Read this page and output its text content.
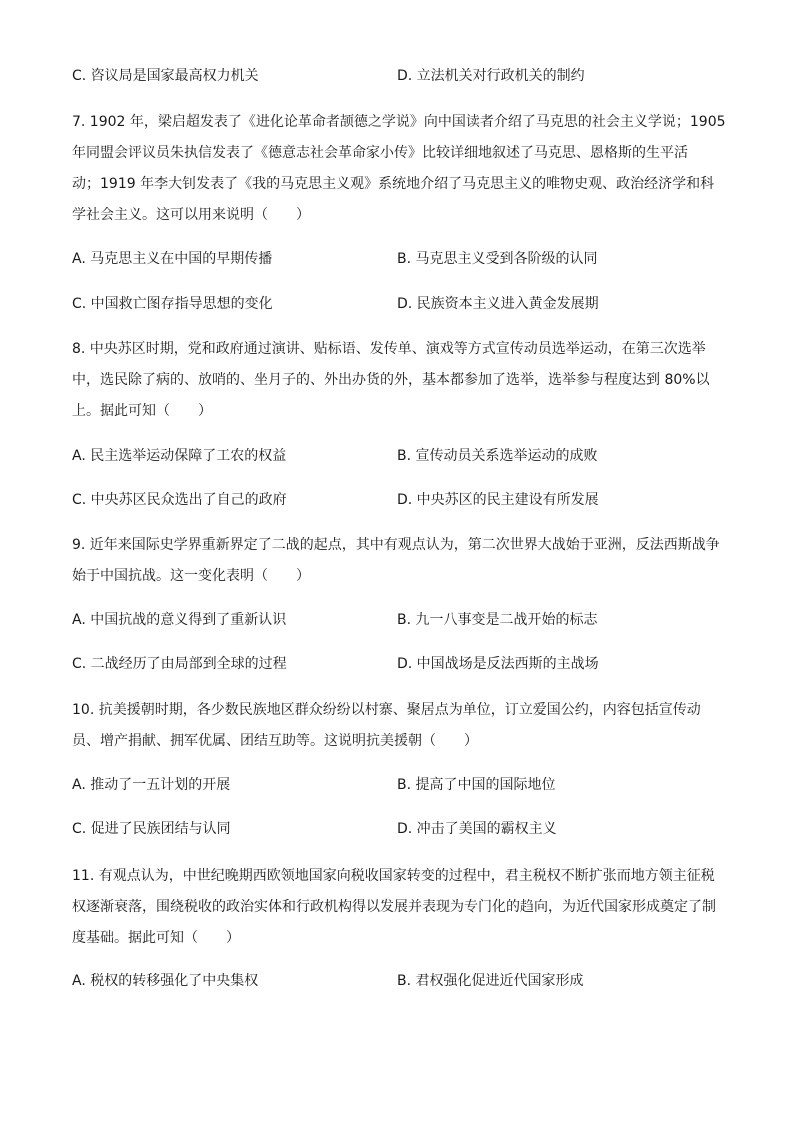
C. 咨议局是国家最高权力机关	D. 立法机关对行政机关的制约
7. 1902 年，梁启超发表了《进化论革命者颉德之学说》向中国读者介绍了马克思的社会主义学说；1905
年同盟会评议员朱执信发表了《德意志社会革命家小传》比较详细地叙述了马克思、恩格斯的生平活
动；1919 年李大钊发表了《我的马克思主义观》系统地介绍了马克思主义的唯物史观、政治经济学和科
学社会主义。这可以用来说明（　　）
A. 马克思主义在中国的早期传播	B. 马克思主义受到各阶级的认同
C. 中国救亡图存指导思想的变化	D. 民族资本主义进入黄金发展期
8. 中央苏区时期，党和政府通过演讲、贴标语、发传单、演戏等方式宣传动员选举运动，在第三次选举
中，选民除了病的、放哨的、坐月子的、外出办货的外，基本都参加了选举，选举参与程度达到 80%以
上。据此可知（　　）
A. 民主选举运动保障了工农的权益	B. 宣传动员关系选举运动的成败
C. 中央苏区民众选出了自己的政府	D. 中央苏区的民主建设有所发展
9. 近年来国际史学界重新界定了二战的起点，其中有观点认为，第二次世界大战始于亚洲，反法西斯战争
始于中国抗战。这一变化表明（　　）
A. 中国抗战的意义得到了重新认识	B. 九一八事变是二战开始的标志
C. 二战经历了由局部到全球的过程	D. 中国战场是反法西斯的主战场
10. 抗美援朝时期，各少数民族地区群众纷纷以村寨、聚居点为单位，订立爱国公约，内容包括宣传动
员、增产捐献、拥军优属、团结互助等。这说明抗美援朝（　　）
A. 推动了一五计划的开展	B. 提高了中国的国际地位
C. 促进了民族团结与认同	D. 冲击了美国的霸权主义
11. 有观点认为，中世纪晚期西欧领地国家向税收国家转变的过程中，君主税权不断扩张而地方领主征税
权逐渐衰落，围绕税收的政治实体和行政机构得以发展并表现为专门化的趋向，为近代国家形成奠定了制
度基础。据此可知（　　）
A. 税权的转移强化了中央集权	B. 君权强化促进近代国家形成
